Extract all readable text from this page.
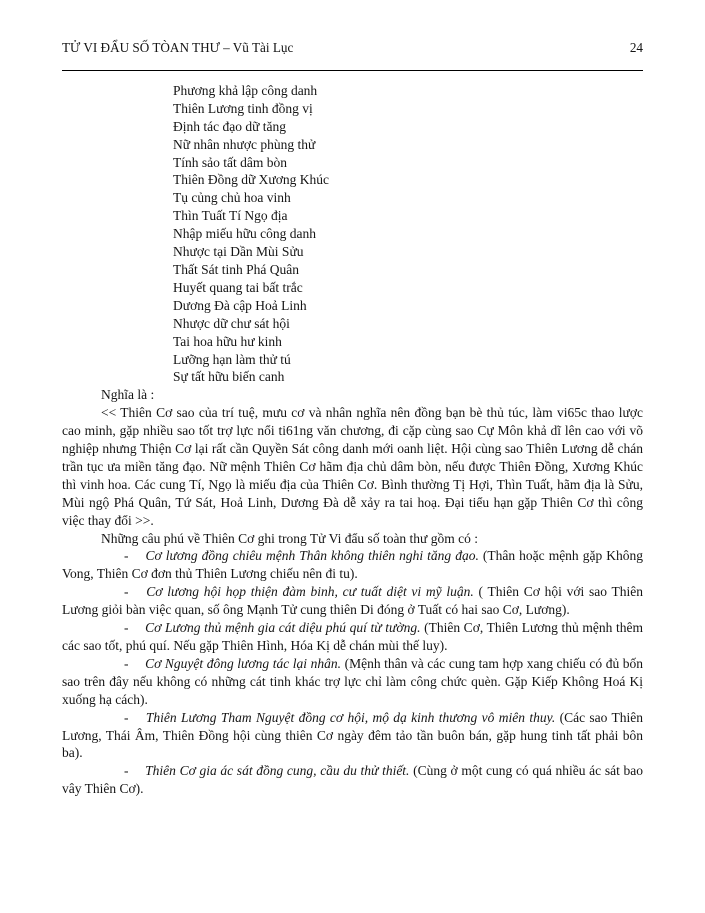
TỬ VI ĐẨU SỐ TÒAN THƯ – Vũ Tài Lục	24
Phương khả lập công danh
Thiên Lương tinh đồng vị
Định tác đạo dữ tăng
Nữ nhân nhược phùng thử
Tính sảo tất dâm bòn
Thiên Đồng dữ Xương Khúc
Tụ củng chủ hoa vinh
Thìn Tuất Tí Ngọ địa
Nhập miếu hữu công danh
Nhược tại Dần Mùi Sửu
Thất Sát tinh Phá Quân
Huyết quang tai bất trắc
Dương Đà cập Hoả Linh
Nhược dữ chư sát hội
Tai hoa hữu hư kinh
Lưỡng hạn làm thử tú
Sự tất hữu biến canh

Nghĩa là :

<< Thiên Cơ sao của trí tuệ, mưu cơ và nhân nghĩa nên đồng bạn bè thủ túc, làm vi65c thao lược cao minh, gặp nhiều sao tốt trợ lực nổi ti61ng văn chương, đi cặp cùng sao Cự Môn khả dĩ lên cao với võ nghiệp nhưng Thiện Cơ lại rất cần Quyền Sát công danh mới oanh liệt. Hội cùng sao Thiên Lương dễ chán trần tục ưa miền tăng đạo. Nữ mệnh Thiên Cơ hãm địa chủ dâm bòn, nếu được Thiên Đồng, Xương Khúc thì vinh hoa. Các cung Tí, Ngọ là miếu địa của Thiên Cơ. Bình thường Tị Hợi, Thìn Tuất, hãm địa là Sửu, Mùi ngộ Phá Quân, Tứ Sát, Hoả Linh, Dương Đà dễ xảy ra tai hoạ. Đại tiểu hạn gặp Thiên Cơ thì công việc thay đổi >>.

Những câu phú về Thiên Cơ ghi trong Tử Vi đẩu số toàn thư gồm có :

- Cơ lương đồng chiêu mệnh Thân không thiên nghi tăng đạo. (Thân hoặc mệnh gặp Không Vong, Thiên Cơ đơn thủ Thiên Lương chiếu nên đi tu).

- Cơ lương hội họp thiện đàm binh, cư tuất diệt vi mỹ luận. ( Thiên Cơ hội với sao Thiên Lương giỏi bàn việc quan, số ông Mạnh Tử cung thiên Di đóng ở Tuất có hai sao Cơ, Lương).

- Cơ Lương thủ mệnh gia cát diệu phú quí từ tường. (Thiên Cơ, Thiên Lương thủ mệnh thêm các sao tốt, phú quí. Nếu gặp Thiên Hình, Hóa Kị dễ chán mùi thế luy).

- Cơ Nguyệt đông lương tác lại nhân. (Mệnh thân và các cung tam hợp xang chiếu có đủ bốn sao trên đây nếu không có những cát tinh khác trợ lực chỉ làm công chức quèn. Gặp Kiếp Không Hoá Kị xuống hạ cách).

- Thiên Lương Tham Nguyệt đồng cơ hội, mộ dạ kinh thương vô miên thuy. (Các sao Thiên Lương, Thái Âm, Thiên Đồng hội cùng thiên Cơ ngày đêm tảo tần buôn bán, gặp hung tinh tất phải bôn ba).

- Thiên Cơ gia ác sát đồng cung, cầu du thử thiết. (Cùng ở một cung có quá nhiều ác sát bao vây Thiên Cơ).
